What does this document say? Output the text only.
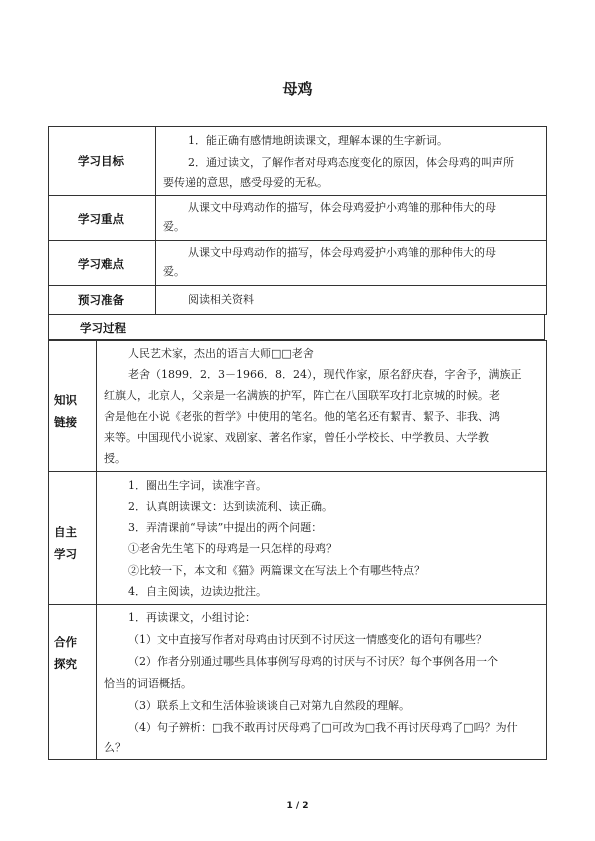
母鸡
学习目标
1．能正确有感情地朗读课文，理解本课的生字新词。
2．通过读文，了解作者对母鸡态度变化的原因，体会母鸡的叫声所
要传递的意思，感受母爱的无私。
学习重点
从课文中母鸡动作的描写，体会母鸡爱护小鸡雏的那种伟大的母
爱。
学习难点
从课文中母鸡动作的描写，体会母鸡爱护小鸡雏的那种伟大的母
爱。
预习准备	阅读相关资料
学习过程
知识
链接
人民艺术家，杰出的语言大师□□老舍
老舍（1899．2．3－1966．8．24），现代作家，原名舒庆春，字舍予，满族正
红旗人，北京人，父亲是一名满族的护军，阵亡在八国联军攻打北京城的时候。老
舍是他在小说《老张的哲学》中使用的笔名。他的笔名还有絜青、絜予、非我、鸿
来等。中国现代小说家、戏剧家、著名作家，曾任小学校长、中学教员、大学教
授。
自主
学习
1．圈出生字词，读准字音。
2．认真朗读课文：达到读流利、读正确。
3．弄清课前“导读”中提出的两个问题：
①老舍先生笔下的母鸡是一只怎样的母鸡？
②比较一下，本文和《猫》两篇课文在写法上个有哪些特点？
4．自主阅读，边读边批注。
合作
探究
1．再读课文，小组讨论：
（1）文中直接写作者对母鸡由讨厌到不讨厌这一情感变化的语句有哪些？
（2）作者分别通过哪些具体事例写母鸡的讨厌与不讨厌？每个事例各用一个
恰当的词语概括。
（3）联系上文和生活体验谈谈自己对第九自然段的理解。
（4）句子辨析：□我不敢再讨厌母鸡了□可改为□我不再讨厌母鸡了□吗？为什
么？
1 / 2
